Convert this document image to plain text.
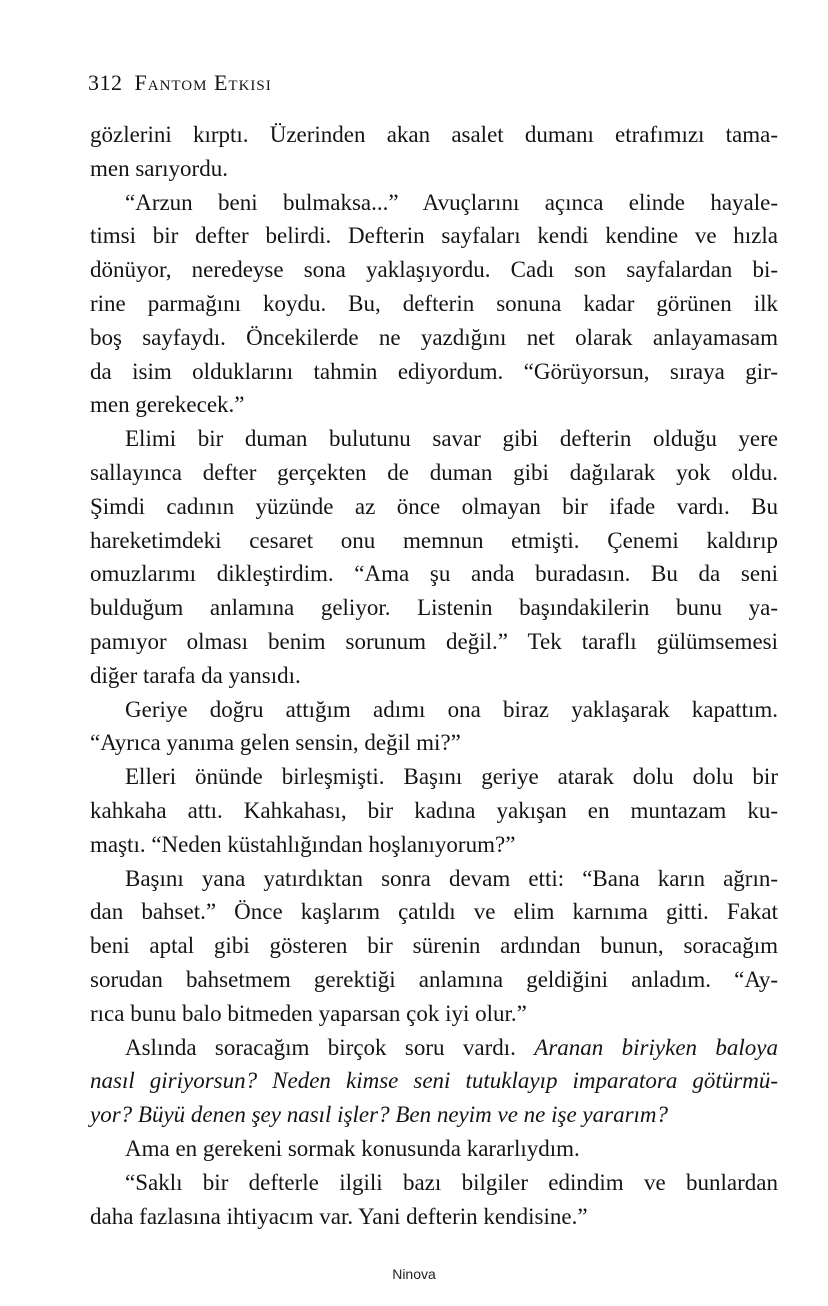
312 Fantom Etkisi
gözlerini kırptı. Üzerinden akan asalet dumanı etrafımızı tama-
men sarıyordu.
“Arzun beni bulmaksa...” Avuçlarını açınca elinde hayale-
timsi bir defter belirdi. Defterin sayfaları kendi kendine ve hızla
dönüyor, neredeyse sona yaklaşıyordu. Cadı son sayfalardan bi-
rine parmağını koydu. Bu, defterin sonuna kadar görünen ilk
boş sayfaydı. Öncekilerde ne yazdığını net olarak anlayamasam
da isim olduklarını tahmin ediyordum. “Görüyorsun, sıraya gir-
men gerekecek.”
Elimi bir duman bulutunu savar gibi defterin olduğu yere
sallayınca defter gerçekten de duman gibi dağılarak yok oldu.
Şimdi cadının yüzünde az önce olmayan bir ifade vardı. Bu
hareketimdeki cesaret onu memnun etmişti. Çenemi kaldırıp
omuzlarımı dikleştirdim. “Ama şu anda buradasın. Bu da seni
bulduğum anlamına geliyor. Listenin başındakilerin bunu ya-
pamıyor olması benim sorunum değil.” Tek taraflı gülümsemesi
diğer tarafa da yansıdı.
Geriye doğru attığım adımı ona biraz yaklaşarak kapattım.
“Ayrıca yanıma gelen sensin, değil mi?”
Elleri önünde birleşmişti. Başını geriye atarak dolu dolu bir
kahkaha attı. Kahkahası, bir kadına yakışan en muntazam ku-
maştı. “Neden küstahlığından hoşlanıyorum?”
Başını yana yatırdıktan sonra devam etti: “Bana karın ağrın-
dan bahset.” Önce kaşlarım çatıldı ve elim karnıma gitti. Fakat
beni aptal gibi gösteren bir sürenin ardından bunun, soracağım
sorudan bahsetmem gerektiği anlamına geldiğini anladım. “Ay-
rıca bunu balo bitmeden yaparsan çok iyi olur.”
Aslında soracağım birçok soru vardı. Aranan biriyken baloya
nasıl giriyorsun? Neden kimse seni tutuklayıp imparatora götürmü-
yor? Büyü denen şey nasıl işler? Ben neyim ve ne işe yararım?
Ama en gerekeni sormak konusunda kararlıydım.
“Saklı bir defterle ilgili bazı bilgiler edindim ve bunlardan
daha fazlasına ihtiyacım var. Yani defterin kendisine.”
Ninova
